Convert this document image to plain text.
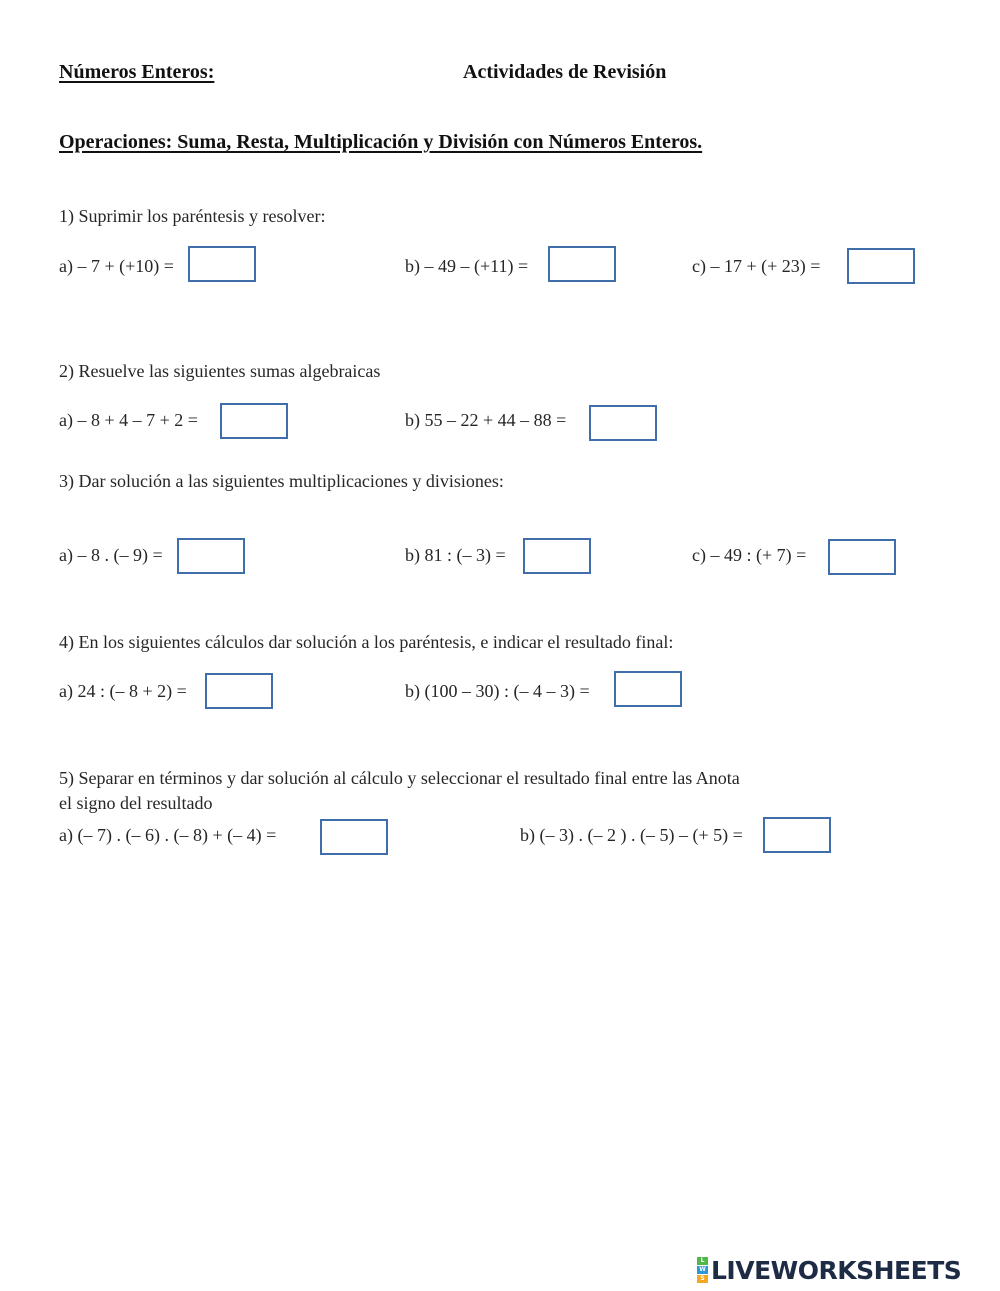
Números Enteros:	Actividades de Revisión
Operaciones: Suma, Resta, Multiplicación y División con Números Enteros.
1) Suprimir los paréntesis y resolver:
a) – 7 + (+10) =	b) – 49 – (+11) =	c) – 17 + (+ 23) =
2) Resuelve las siguientes sumas algebraicas
a) – 8 + 4 – 7 + 2 =	b) 55 – 22 + 44 – 88 =
3) Dar solución a las siguientes multiplicaciones y divisiones:
a) – 8 . (– 9) =	b) 81 : (– 3) =	c) – 49 : (+ 7) =
4) En los siguientes cálculos dar solución a los paréntesis, e indicar el resultado final:
a) 24 : (– 8 + 2) =	b) (100 – 30) : (– 4 – 3) =
5) Separar en términos y dar solución al cálculo y seleccionar el resultado final entre las Anota
el signo del resultado
a) (– 7) . (– 6) . (– 8) + (– 4) =	b) (– 3) . (– 2 ) . (– 5) – (+ 5) =
L
W
S LIVEWORKSHEETS
